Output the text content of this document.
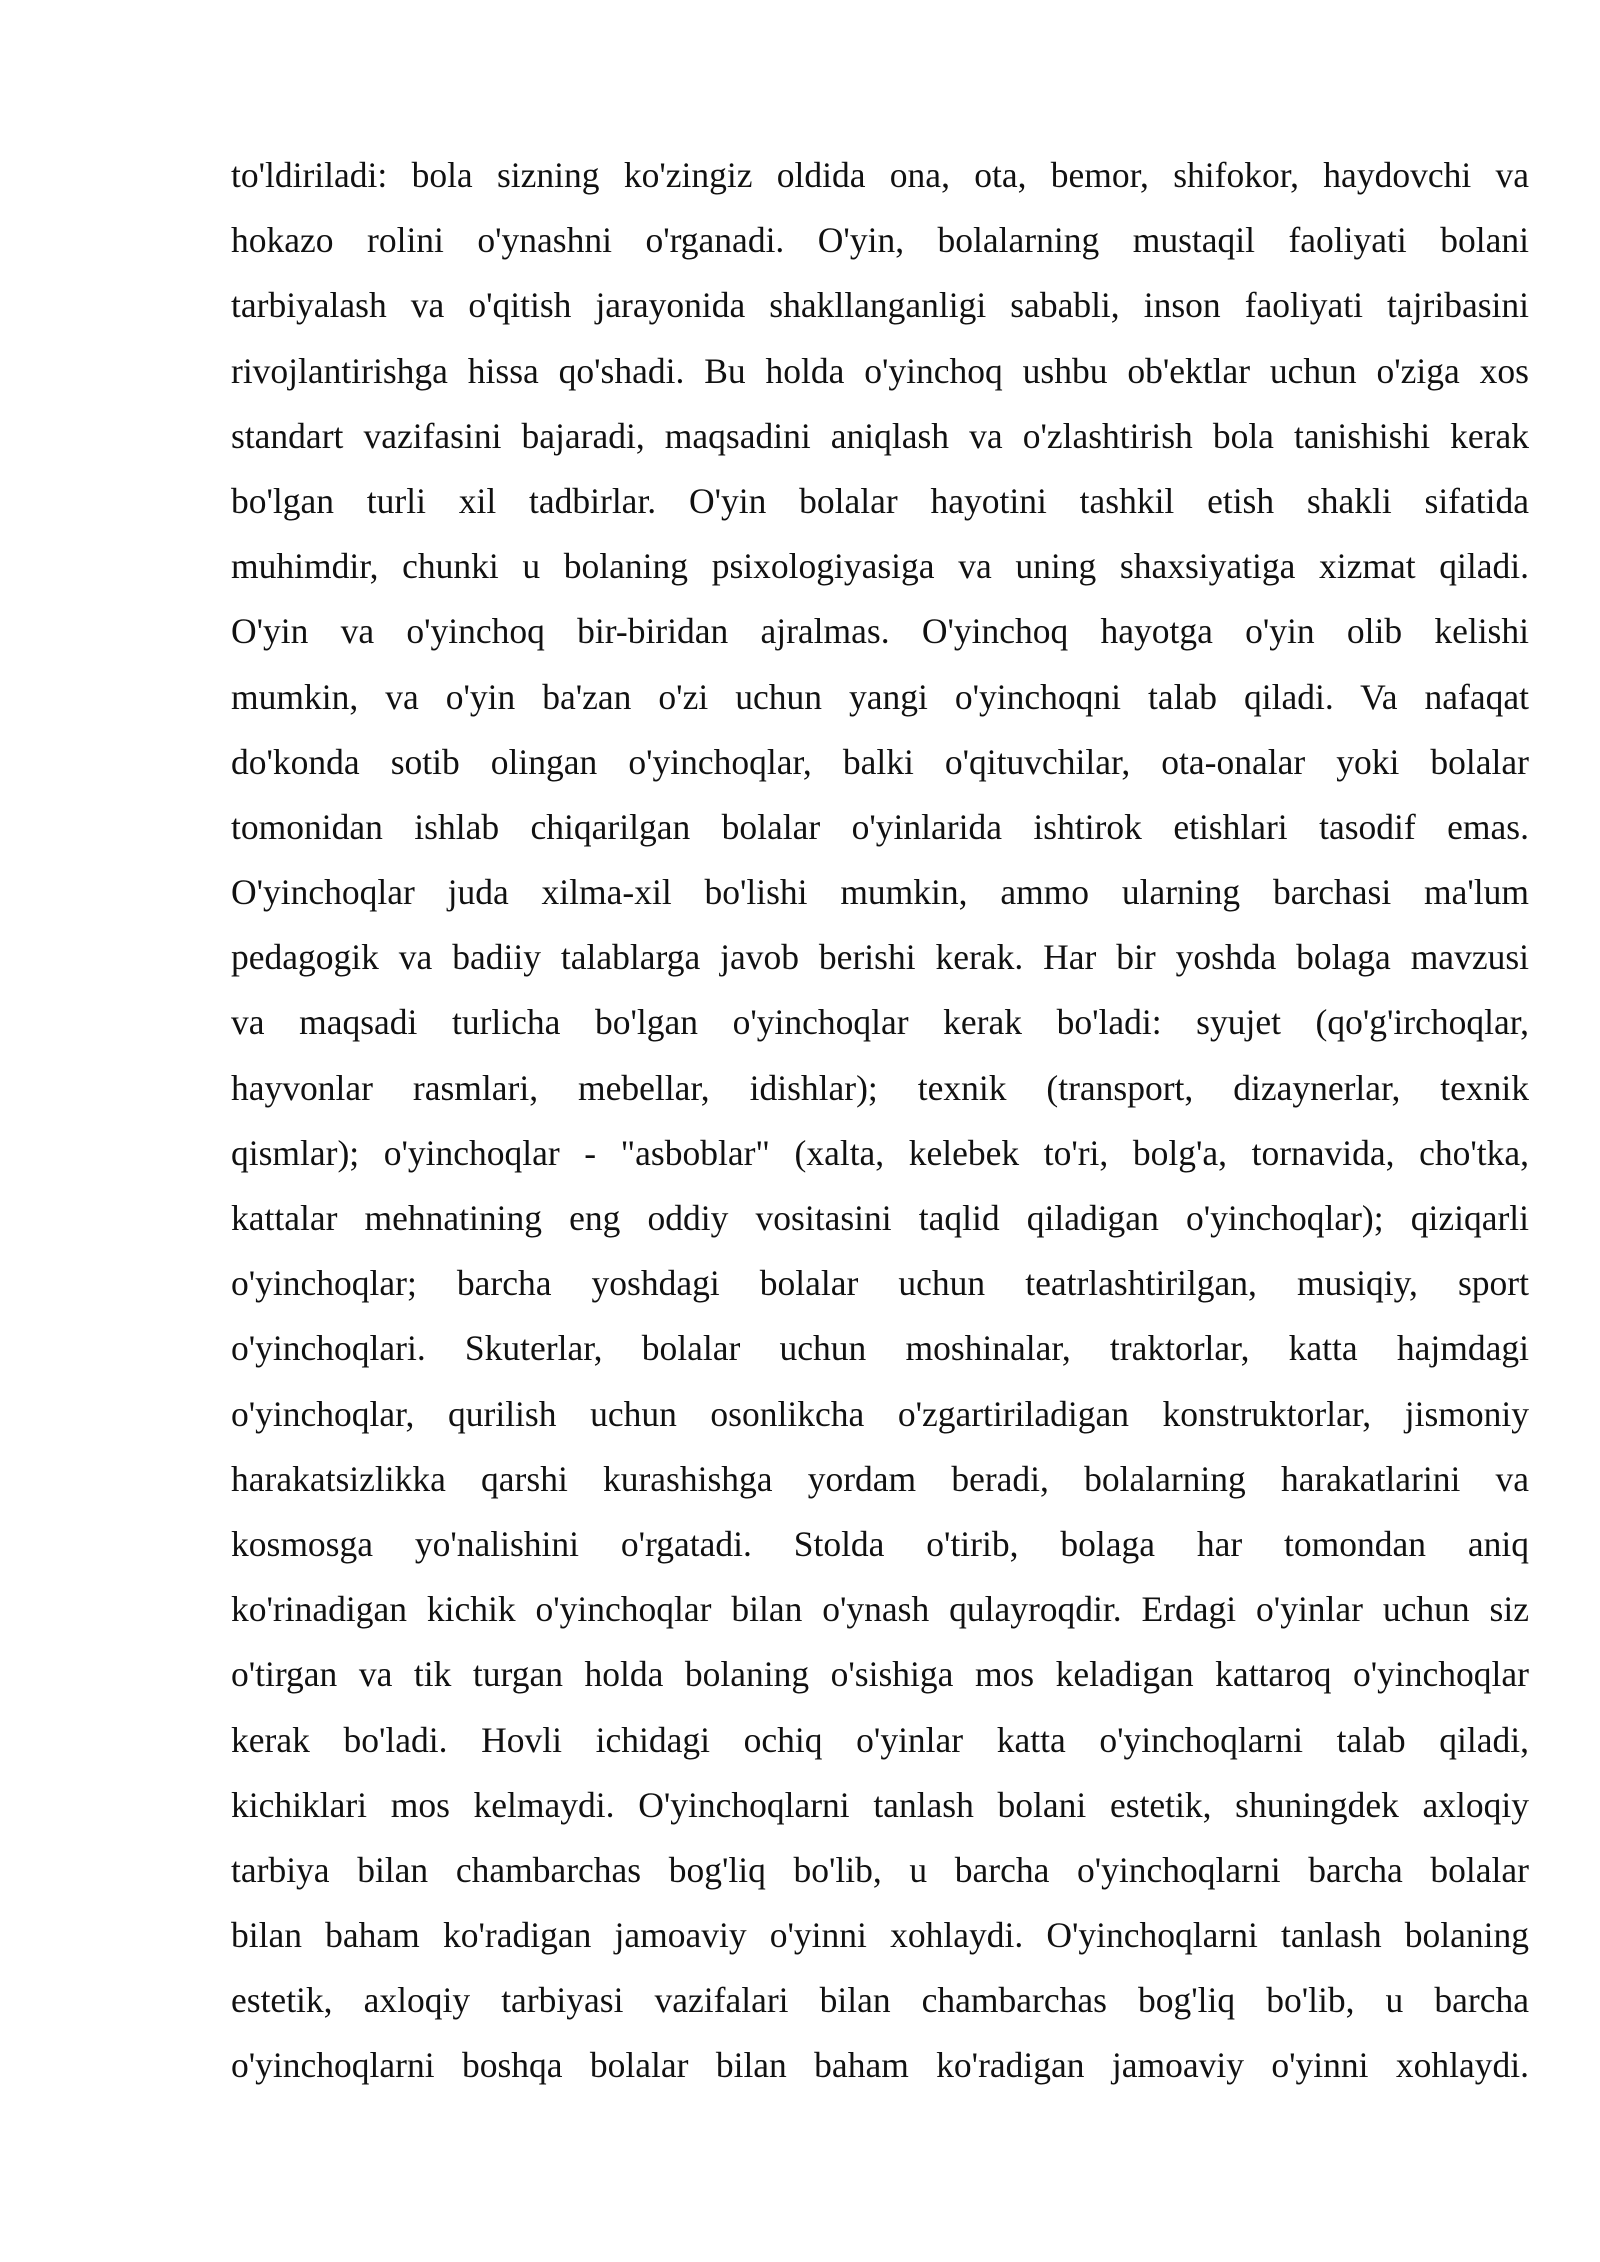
to'ldiriladi: bola sizning ko'zingiz oldida ona, ota, bemor, shifokor, haydovchi va
hokazo rolini o'ynashni o'rganadi. O'yin, bolalarning mustaqil faoliyati bolani
tarbiyalash va o'qitish jarayonida shakllanganligi sababli, inson faoliyati tajribasini
rivojlantirishga hissa qo'shadi. Bu holda o'yinchoq ushbu ob'ektlar uchun o'ziga xos
standart vazifasini bajaradi, maqsadini aniqlash va o'zlashtirish bola tanishishi kerak
bo'lgan turli xil tadbirlar. O'yin bolalar hayotini tashkil etish shakli sifatida
muhimdir, chunki u bolaning psixologiyasiga va uning shaxsiyatiga xizmat qiladi.
O'yin va o'yinchoq bir-biridan ajralmas. O'yinchoq hayotga o'yin olib kelishi
mumkin, va o'yin ba'zan o'zi uchun yangi o'yinchoqni talab qiladi. Va nafaqat
do'konda sotib olingan o'yinchoqlar, balki o'qituvchilar, ota-onalar yoki bolalar
tomonidan ishlab chiqarilgan bolalar o'yinlarida ishtirok etishlari tasodif emas.
O'yinchoqlar juda xilma-xil bo'lishi mumkin, ammo ularning barchasi ma'lum
pedagogik va badiiy talablarga javob berishi kerak. Har bir yoshda bolaga mavzusi
va maqsadi turlicha bo'lgan o'yinchoqlar kerak bo'ladi: syujet (qo'g'irchoqlar,
hayvonlar rasmlari, mebellar, idishlar); texnik (transport, dizaynerlar, texnik
qismlar); o'yinchoqlar - "asboblar" (xalta, kelebek to'ri, bolg'a, tornavida, cho'tka,
kattalar mehnatining eng oddiy vositasini taqlid qiladigan o'yinchoqlar); qiziqarli
o'yinchoqlar; barcha yoshdagi bolalar uchun teatrlashtirilgan, musiqiy, sport
o'yinchoqlari. Skuterlar, bolalar uchun moshinalar, traktorlar, katta hajmdagi
o'yinchoqlar, qurilish uchun osonlikcha o'zgartiriladigan konstruktorlar, jismoniy
harakatsizlikka qarshi kurashishga yordam beradi, bolalarning harakatlarini va
kosmosga yo'nalishini o'rgatadi. Stolda o'tirib, bolaga har tomondan aniq
ko'rinadigan kichik o'yinchoqlar bilan o'ynash qulayroqdir. Erdagi o'yinlar uchun siz
o'tirgan va tik turgan holda bolaning o'sishiga mos keladigan kattaroq o'yinchoqlar
kerak bo'ladi. Hovli ichidagi ochiq o'yinlar katta o'yinchoqlarni talab qiladi,
kichiklari mos kelmaydi. O'yinchoqlarni tanlash bolani estetik, shuningdek axloqiy
tarbiya bilan chambarchas bog'liq bo'lib, u barcha o'yinchoqlarni barcha bolalar
bilan baham ko'radigan jamoaviy o'yinni xohlaydi. O'yinchoqlarni tanlash bolaning
estetik, axloqiy tarbiyasi vazifalari bilan chambarchas bog'liq bo'lib, u barcha
o'yinchoqlarni boshqa bolalar bilan baham ko'radigan jamoaviy o'yinni xohlaydi.
